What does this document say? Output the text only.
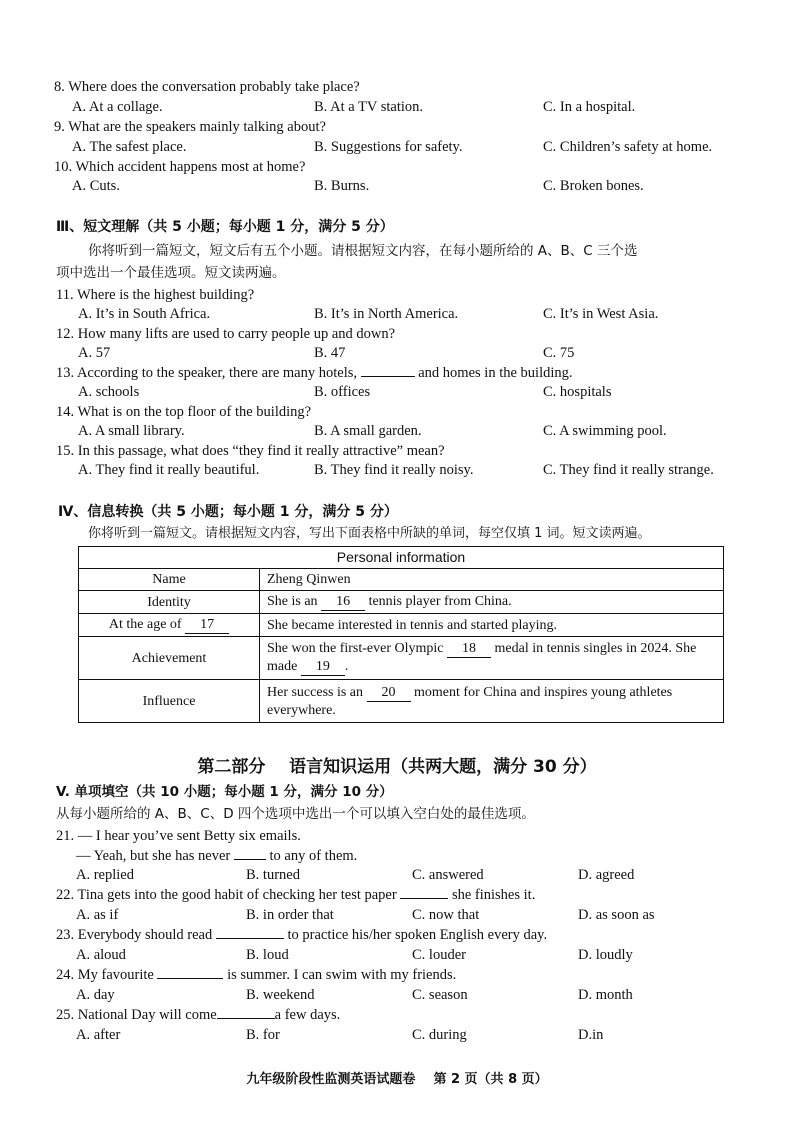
8. Where does the conversation probably take place?
A. At a collage.	B. At a TV station.	C. In a hospital.
9. What are the speakers mainly talking about?
A. The safest place.	B. Suggestions for safety.	C. Children’s safety at home.
10. Which accident happens most at home?
A. Cuts.	B. Burns.	C. Broken bones.
Ⅲ、短文理解（共 5 小题；每小题 1 分，满分 5 分）
你将听到一篇短文，短文后有五个小题。请根据短文内容，在每小题所给的 A、B、C 三个选
项中选出一个最佳选项。短文读两遍。
11. Where is the highest building?
A. It’s in South Africa.	B. It’s in North America.	C. It’s in West Asia.
12. How many lifts are used to carry people up and down?
A. 57	B. 47	C. 75
13. According to the speaker, there are many hotels,	and homes in the building.
A. schools	B. offices	C. hospitals
14. What is on the top floor of the building?
A. A small library.	B. A small garden.	C. A swimming pool.
15. In this passage, what does “they find it really attractive” mean?
A. They find it really beautiful.	B. They find it really noisy.	C. They find it really strange.
Ⅳ、信息转换（共 5 小题；每小题 1 分，满分 5 分）
你将听到一篇短文。请根据短文内容，写出下面表格中所缺的单词，每空仅填 1 词。短文读两遍。
Personal information	
Name	Zheng Qinwen
Identity	She is an 16 tennis player from China.
At the age of 17	She became interested in tennis and started playing.
Achievement	She won the first-ever Olympic 18 medal in tennis singles in 2024. She made 19 .
Influence	Her success is an 20 moment for China and inspires young athletes everywhere.
第二部分    语言知识运用（共两大题，满分 30 分）
V. 单项填空（共 10 小题；每小题 1 分，满分 10 分）
从每小题所给的 A、B、C、D 四个选项中选出一个可以填入空白处的最佳选项。
21. — I hear you’ve sent Betty six emails.
— Yeah, but she has never  to any of them.
A. replied	B. turned	C. answered	D. agreed
22. Tina gets into the good habit of checking her test paper	she finishes it.
A. as if	B. in order that	C. now that	D. as soon as
23. Everybody should read	to practice his/her spoken English every day.
A. aloud	B. loud	C. louder	D. loudly
24. My favourite	is summer. I can swim with my friends.
A. day	B. weekend	C. season	D. month
25. National Day will come	a few days.
A. after	B. for	C. during	D.in
九年级阶段性监测英语试题卷    第 2 页（共 8 页）
